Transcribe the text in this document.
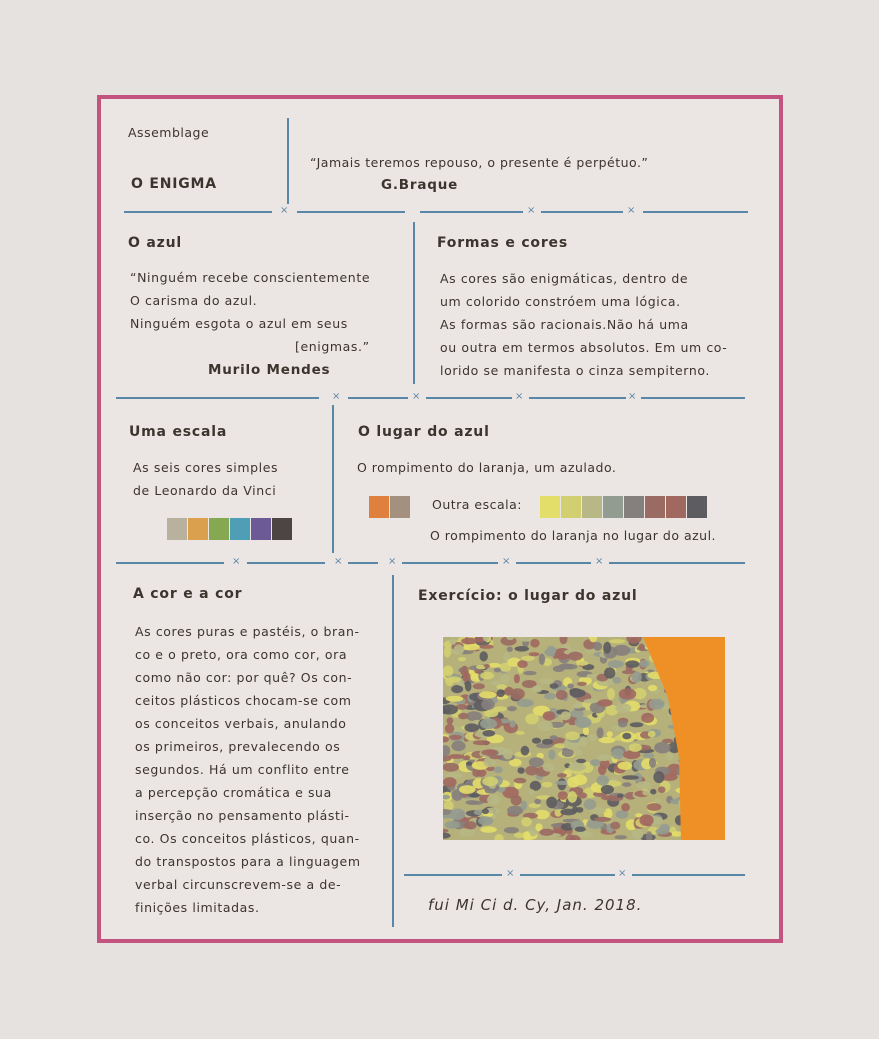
Assemblage
O ENIGMA
“Jamais teremos repouso, o presente é perpétuo.”
G.Braque
×	×	×
O azul

“Ninguém recebe conscientemente

O carisma do azul.

Ninguém esgota o azul em seus

[enigmas.”

Murilo Mendes
Formas e cores

As cores são enigmáticas, dentro de

um colorido constróem uma lógica.

As formas são racionais.Não há uma

ou outra em termos absolutos. Em um co-

lorido se manifesta o cinza sempiterno.

×	×	×	×
Uma escala

As seis cores simples

de Leonardo da Vinci

O lugar do azul
O rompimento do laranja, um azulado.
Outra escala:
O rompimento do laranja no lugar do azul.
×	×	×	×	×
A cor e a cor

As cores puras e pastéis, o bran-

co e o preto, ora como cor, ora

como não cor: por quê? Os con-

ceitos plásticos chocam-se com

os conceitos verbais, anulando

os primeiros, prevalecendo os

segundos. Há um conflito entre

a percepção cromática e sua

inserção no pensamento plásti-

co. Os conceitos plásticos, quan-

do transpostos para a linguagem

verbal circunscrevem-se a de-

finições limitadas.

Exercício: o lugar do azul
×	×
fui Mi Ci d. Cy, Jan. 2018.
